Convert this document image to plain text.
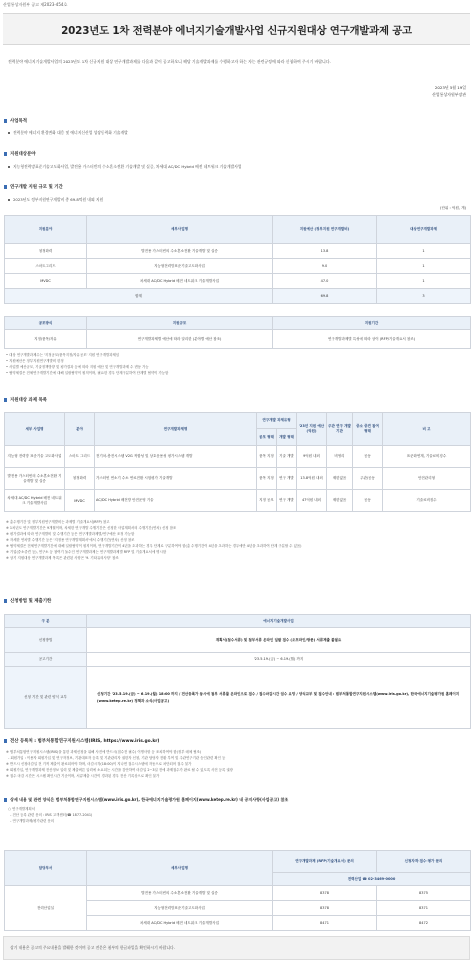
산업통상자원부 공고 제2023-454호
2023년도 1차 전력분야 에너지기술개발사업 신규지원대상 연구개발과제 공고
전력분야 에너지기술개발사업의 2023년도 1차 신규지원 대상 연구개발과제를 다음과 같이 공고하오니 해당 기술개발과제를 수행하고자 하는 자는 관련규정에 따라 신청하여 주시기 바랍니다.
2023년 5월 19일
산업통상자원부장관
사업목적
전력분야 에너지 환경변화 대응 및 에너지신산업 성장동력화 기술개발
지원대상분야
지능형전력망표준기술고도화사업, 발전용 가스터빈의 수소혼소전환 기술개발 및 실증, 차세대 AC/DC Hybrid 배전 네트워크 기술개발사업
연구개발 지원 규모 및 기간
2023년도 정부지원연구개발비 총 69.8억원 내외 지원
(단위 : 억원, 개)
지원분야	세부사업명	지원예산 (정부지원 연구개발비)	대상연구개발과제
청정화력	발전용 가스터빈의 수소혼소전환 기술개발 및 실증	13.8	1
스마트그리드	지능형전력망표준기술고도화사업	9.0	1
MVDC	차세대 AC/DC Hybrid 배전 네트워크 기술개발사업	47.0	1
합계		69.8	3
공모방식	지원규모	지원기간
지정/품목/자유	연구개발과제별 예산에 따라 알리한 (분야별 예산 참조)	연구개발과제별 특성에 따라 상이 (RFP/기술개요서 참조)
• 대상 연구개발과제수는 '지정공모/품목지정/자유공모' 지원 연구개발과제임
• 지원예산은 정부지원연구개발비 한정
• 사업별 예산규모, 기술정책방향 및 평가결과 등에 따라 지원 예산 및 연구개발과제 수 변동 가능
• 협약체결은 전체연구개발기간에 대해 일괄협약이 원칙이며, 필요한 경우 단계구분하여 단계별 협약이 가능함
지원대상 과제 목록
세부 사업명	분야	연구개발과제명	연구개발 과제유형		'23년 지원 예산 (억원)	주관 연구 개발 기관	중소 중견 참여 형태	비 고
			공모 형태	개발 형태				
지능형 전력망 표준기술 고도화사업	스마트 그리드	전기차-충전시스템 V2G 적합성 및 상호운용성 평가시스템 개발	품목 지정	기술 개발	9억원 내외	비영리	공동	표준화연계, 기술료비징수
발전용 가스터빈의 수소혼소전환 기술개발 및 실증	청정화력	가스터빈 연소기 수소 연료전환 시험평가 기술개발	품목 지정	연구 개발	13.8억원 내외	제한없음	주관/공동	안전관리형
차세대 AC/DC Hybrid 배전 네트워크 기술개발사업	MVDC	AC/DC Hybrid 배전망 안전운영 기술	지정 공모	연구 개발	47억원 내외	제한없음	공동	기술료비징수
※ 총수행기간 및 정부지원연구개발비는 과제별 기술개요서(RFP) 참고
※ 1차년도 연구개발기간은 9개월이며, 차세한 연구개발 수행기간은 신청한 사업계획서의 수행기간(연차) 신청 참조
※ 평가결과에 따라 연구개발비 및 수행기간 등은 연구개발과제별/연구예산 조정 가능함
※ 자세한 연차별 수행기간 등은 '지정용 연구개발계획서'에서 수행기간(연차) 산정 참조
※ 협약체결은 전체연구개발기간에 대해 일괄협약이 원칙이며, 연구개발기간이 4년을 초과하는 경우 단계로 구분하여야 함(총 수행기간이 4년을 초과하는 경우에만 4년을 초과하여 단계 구분할 수 있음)
※ 기업(중소중견 등), 연구소 등 참여기 둘수인 연구개발과제는 연구개발과제별 RFP 및 기술개요서에 명시함
※ 상기 지원대상 연구개발과제 목록은 관련된 사항은 '9. 기타유의사항' 참조
신청방법 및 제출기한
구 분	에너지기술개발사업
신청방법	계획서(첨수서류) 및 첨부서류 온라인 일괄 접수 (오프라인/방문) 서류제출 불필요
공고기간	'23.5.19.(금) ~ 6.19.(월) 까지
신청 기간 및 관련 양식 교부	신청기간 '23.5.19.(금) ~ 6.19.(월) 18:00 까지 / 전산등록가 동시에 첨부 서류를 온라인으로 접수 / 접수마감시간 엄수 요망 / 양식교부 및 접수안내 : 범부처통합연구지원시스템(www.iris.go.kr), 한국에너지기술평가원 홈페이지(www.ketep.re.kr) 정책과 소식(사업공고)
전산 등록처 : 범부처통합연구지원시스템(IRIS, https://www.iris.go.kr)
※ 범부처통합연구지원시스템(IRIS)을 통한 과제신청을 위해 사전에 반드시(접수전 필수) 이명사항 등 조치하여야 함(정부 매체 협조)
- 회원가입 : 이용자 회원가입 및 연구자정보, 기관대표자 등록 및 기관관리자 권한자 신청, 기관 담당자 전환 부여 및 주관연구기관 승인관련 확인 등
※ 반드시 신청마감일 전 기적 제출이 완료되어야 하며, 마감시각(18:00)이 지나면 접수시스템에 자동으로 차단되어 접수 불가
※ 회원가입, 연구개발과제 전산정보 입력 및 제출버튼 입력에 소요되는 시간을 감안하여 마감일 2~3일 전에 과제접수가 완료 될 수 있도록 사전 등록 권장
※ 접수 마감 시간은 시스템 확인시간 기준이며, 서류제출 시간이 경과된 경우 전산 기록상으로 확인 불가
상세 내용 및 관련 양식은 범부처통합연구지원시스템(www.iris.go.kr), 한국에너지기술평가원 홈페이지(www.ketep.re.kr) 내 공지사항(사업공고) 참조
○ 연구개발계획서
- 전산 등록 관련 문의 : IRIS 고객센터(☎ 1877-2041)
- 연구개발과제/평가관련 문의
담당부서	세부사업명	연구개발과제 (RFP/기술개요서) 문의	신청자격·접수·평가 문의
		전력산업 ☎ 02-3469-0000	
전력산업실	발전용 가스터빈의 수소혼소전환 기술개발 및 실증	8378	8375
	지능형전력망표준기술고도화사업	8378	8371
	차세대 AC/DC Hybrid 배전 네트워크 기술개발사업	8471	8472
상기 내용은 공고의 주요내용을 발췌한 것이며 공고 전문은 첨부의 한글파일을 확인하시기 바랍니다.
